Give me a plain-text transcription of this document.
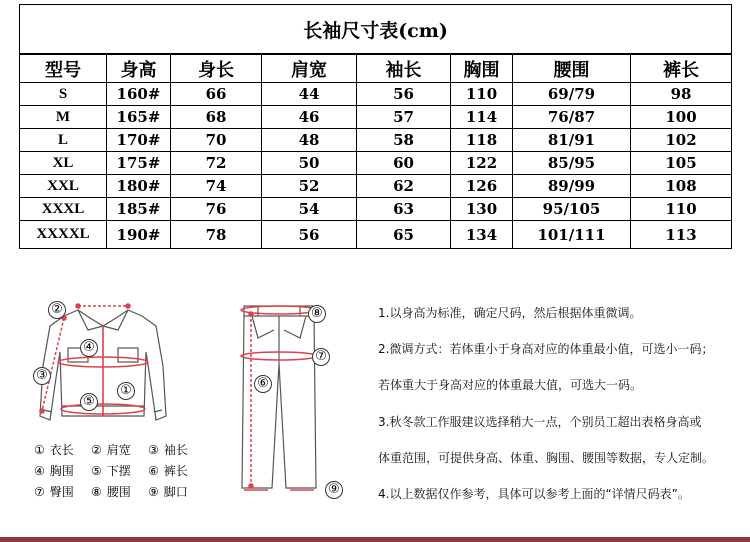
长袖尺寸表(cm)							
型号	身高	身长	肩宽	袖长	胸围	腰围	裤长
S	160#	66	44	56	110	69/79	98
M	165#	68	46	57	114	76/87	100
L	170#	70	48	58	118	81/91	102
XL	175#	72	50	60	122	85/95	105
XXL	180#	74	52	62	126	89/99	108
XXXL	185#	76	54	63	130	95/105	110
XXXXL	190#	78	56	65	134	101/111	113
②
④
③
①
⑤
⑧
⑦
⑥
⑨
① 衣长	② 肩宽	③ 袖长
④ 胸围	⑤ 下摆	⑥ 裤长
⑦ 臀围	⑧ 腰围	⑨ 脚口
1.以身高为标准，确定尺码，然后根据体重微调。
2.微调方式：若体重小于身高对应的体重最小值，可选小一码；
若体重大于身高对应的体重最大值，可选大一码。
3.秋冬款工作服建议选择稍大一点，个别员工超出表格身高或
体重范围，可提供身高、体重、胸围、腰围等数据，专人定制。
4.以上数据仅作参考，具体可以参考上面的“详情尺码表”。
